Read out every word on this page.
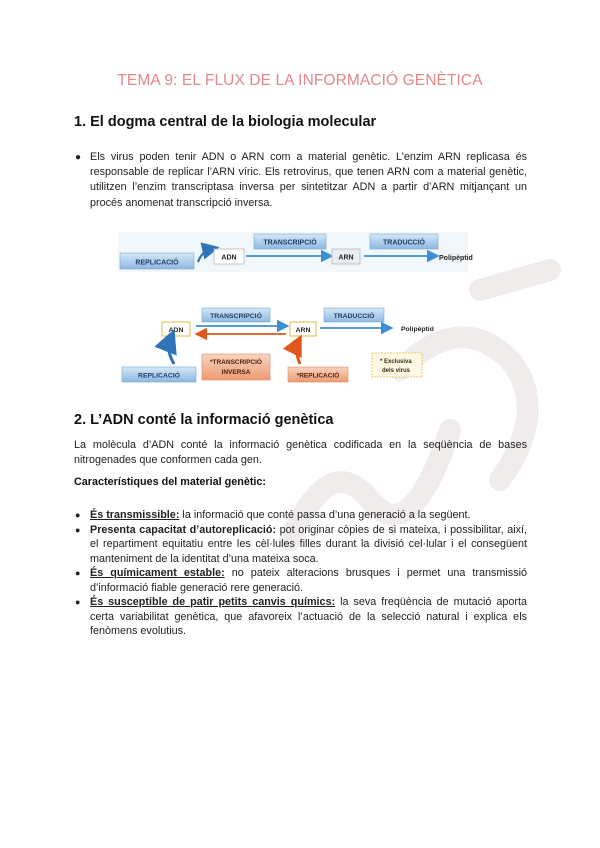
TEMA 9: EL FLUX DE LA INFORMACIÓ GENÈTICA
1. El dogma central de la biologia molecular
● Els virus poden tenir ADN o ARN com a material genètic. L’enzim ARN replicasa és responsable de replicar l’ARN víric. Els retrovirus, que tenen ARN com a material genètic, utilitzen l’enzim transcriptasa inversa per sintetitzar ADN a partir d’ARN mitjançant un procés anomenat transcripció inversa.
REPLICACIÓ
ADN
TRANSCRIPCIÓ
ARN
TRADUCCIÓ
Polipèptid
ADN
TRANSCRIPCIÓ
ARN
TRADUCCIÓ
Polipèptid
*TRANSCRIPCIÓ
INVERSA
REPLICACIÓ	*REPLICACIÓ
* Exclusiva
dels virus
2. L’ADN conté la informació genètica
La molècula d’ADN conté la informació genètica codificada en la seqüència de bases nitrogenades que conformen cada gen.
Característiques del material genètic:
● És transmissible: la informació que conté passa d’una generació a la següent.
● Presenta capacitat d’autoreplicació: pot originar còpies de si mateixa, i possibilitar, així, el repartiment equitatiu entre les cèl·lules filles durant la divisió cel·lular i el consegüent manteniment de la identitat d’una mateixa soca.
● És químicament estable: no pateix alteracions brusques i permet una transmissió d’informació fiable generació rere generació.
● És susceptible de patir petits canvis químics: la seva freqüència de mutació aporta certa variabilitat genètica, que afavoreix l’actuació de la selecció natural i explica els fenòmens evolutius.
